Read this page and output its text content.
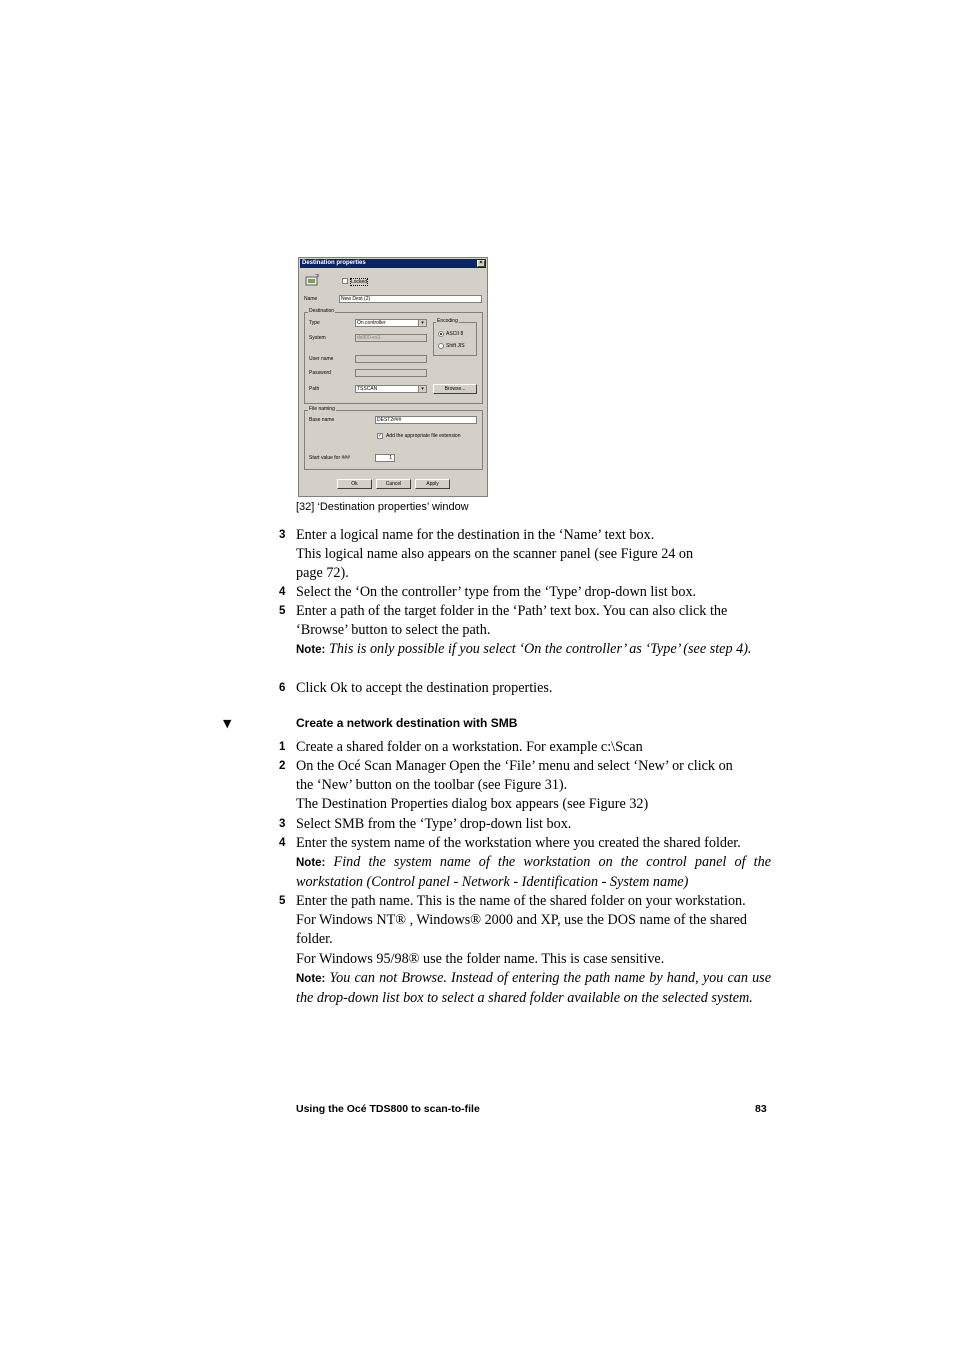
Destination properties	×
Locked
Name	New Dest (2)
Destination
Type	On controller	▾
System	ds800-es1
User name
Password
Path	TSSCAN	▾	Browse...
Encoding
ASCII 8
Shift JIS
File naming
Base name	DEST2###
✓ Add the appropriate file extension
Start value for ###	1
Ok	Cancel	Apply
[32] ‘Destination properties’ window
3 Enter a logical name for the destination in the ‘Name’ text box.
This logical name also appears on the scanner panel (see Figure 24 on
page 72).
4 Select the ‘On the controller’ type from the ‘Type’ drop-down list box.
5 Enter a path of the target folder in the ‘Path’ text box. You can also click the
‘Browse’ button to select the path.
Note: This is only possible if you select ‘On the controller’ as ‘Type’ (see step 4).
6 Click Ok to accept the destination properties.
▼	Create a network destination with SMB
1 Create a shared folder on a workstation. For example c:\Scan
2 On the Océ Scan Manager Open the ‘File’ menu and select ‘New’ or click on
the ‘New’ button on the toolbar (see Figure 31).
The Destination Properties dialog box appears (see Figure 32)
3 Select SMB from the ‘Type’ drop-down list box.
4 Enter the system name of the workstation where you created the shared folder.
Note: Find the system name of the workstation on the control panel of the workstation (Control panel - Network - Identification - System name)
5 Enter the path name. This is the name of the shared folder on your workstation.
For Windows NT® , Windows® 2000 and XP, use the DOS name of the shared
folder.
For Windows 95/98® use the folder name. This is case sensitive.
Note: You can not Browse. Instead of entering the path name by hand, you can use the drop-down list box to select a shared folder available on the selected system.
Using the Océ TDS800 to scan-to-file	83
